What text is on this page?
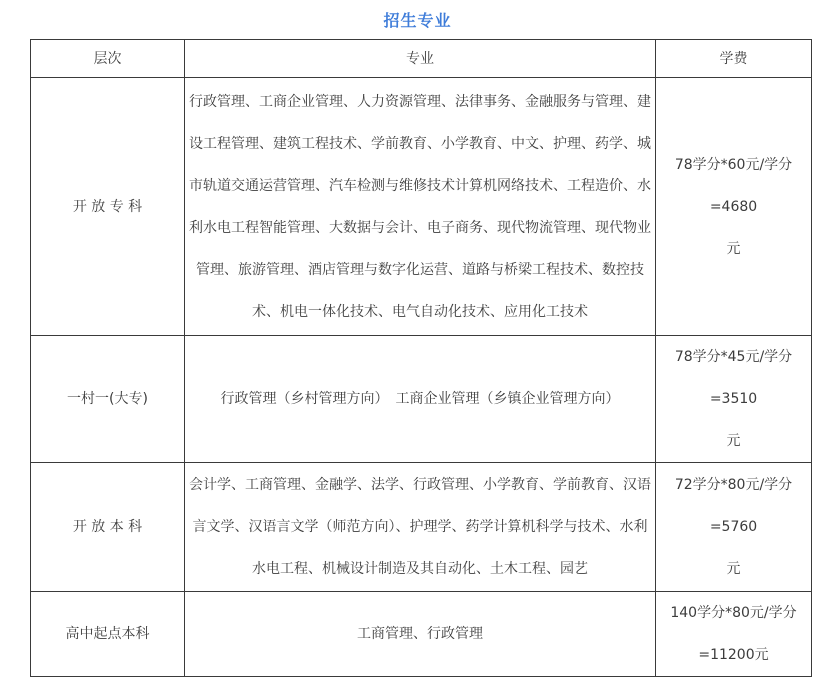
招生专业
层次	专业	学费
开 放 专 科	行政管理、工商企业管理、人力资源管理、法律事务、金融服务与管理、建设工程管理、建筑工程技术、学前教育、小学教育、中文、护理、药学、城市轨道交通运营管理、汽车检测与维修技术计算机网络技术、工程造价、水利水电工程智能管理、大数据与会计、电子商务、现代物流管理、现代物业管理、旅游管理、酒店管理与数字化运营、道路与桥梁工程技术、数控技术、机电一体化技术、电气自动化技术、应用化工技术	78学分*60元/学分=4680
元

一村一(大专)	行政管理（乡村管理方向）　工商企业管理（乡镇企业管理方向）	78学分*45元/学分=3510
元

开 放 本 科	会计学、工商管理、金融学、法学、行政管理、小学教育、学前教育、汉语言文学、汉语言文学（师范方向）、护理学、药学计算机科学与技术、水利水电工程、机械设计制造及其自动化、土木工程、园艺	72学分*80元/学分=5760
元

高中起点本科	工商管理、行政管理	140学分*80元/学分
=11200元
